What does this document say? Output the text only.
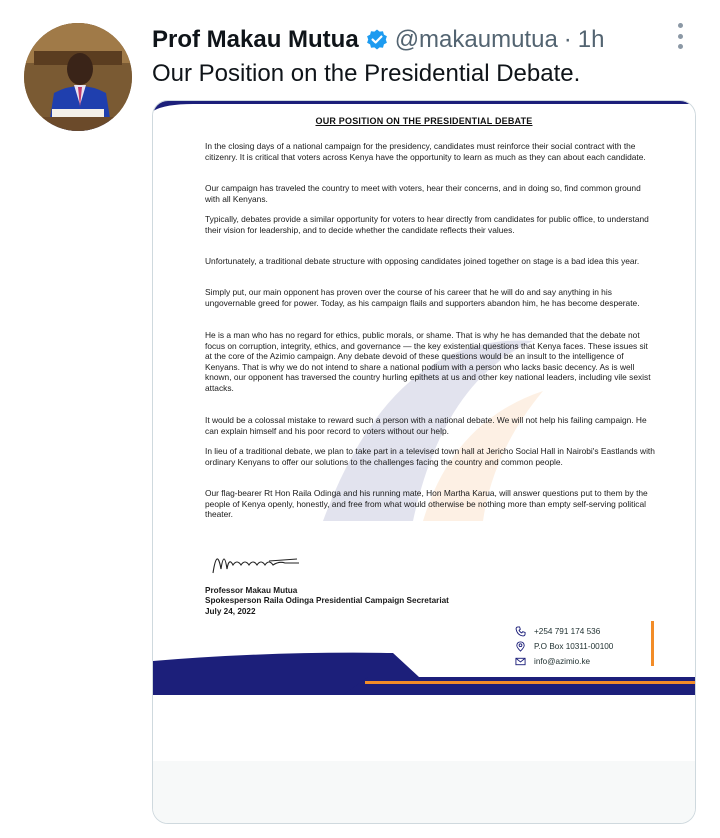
Prof Makau Mutua @makaumutua · 1h
Our Position on the Presidential Debate.
OUR POSITION ON THE PRESIDENTIAL DEBATE

In the closing days of a national campaign for the presidency, candidates must reinforce their social contract with the citizenry. It is critical that voters across Kenya have the opportunity to learn as much as they can about each candidate.

Our campaign has traveled the country to meet with voters, hear their concerns, and in doing so, find common ground with all Kenyans.

Typically, debates provide a similar opportunity for voters to hear directly from candidates for public office, to understand their vision for leadership, and to decide whether the candidate reflects their values.

Unfortunately, a traditional debate structure with opposing candidates joined together on stage is a bad idea this year.

Simply put, our main opponent has proven over the course of his career that he will do and say anything in his ungovernable greed for power. Today, as his campaign flails and supporters abandon him, he has become desperate.

He is a man who has no regard for ethics, public morals, or shame. That is why he has demanded that the debate not focus on corruption, integrity, ethics, and governance — the key existential questions that Kenya faces. These issues sit at the core of the Azimio campaign. Any debate devoid of these questions would be an insult to the intelligence of Kenyans. That is why we do not intend to share a national podium with a person who lacks basic decency. As is well known, our opponent has traversed the country hurling epithets at us and other key national leaders, including vile sexist attacks.

It would be a colossal mistake to reward such a person with a national debate. We will not help his failing campaign. He can explain himself and his poor record to voters without our help.

In lieu of a traditional debate, we plan to take part in a televised town hall at Jericho Social Hall in Nairobi's Eastlands with ordinary Kenyans to offer our solutions to the challenges facing the country and common people.

Our flag-bearer Rt Hon Raila Odinga and his running mate, Hon Martha Karua, will answer questions put to them by the people of Kenya openly, honestly, and free from what would otherwise be nothing more than empty self-serving political theater.

Professor Makau Mutua
Spokesperson Raila Odinga Presidential Campaign Secretariat
July 24, 2022
+254 791 174 536
P.O Box 10311-00100
info@azimio.ke
